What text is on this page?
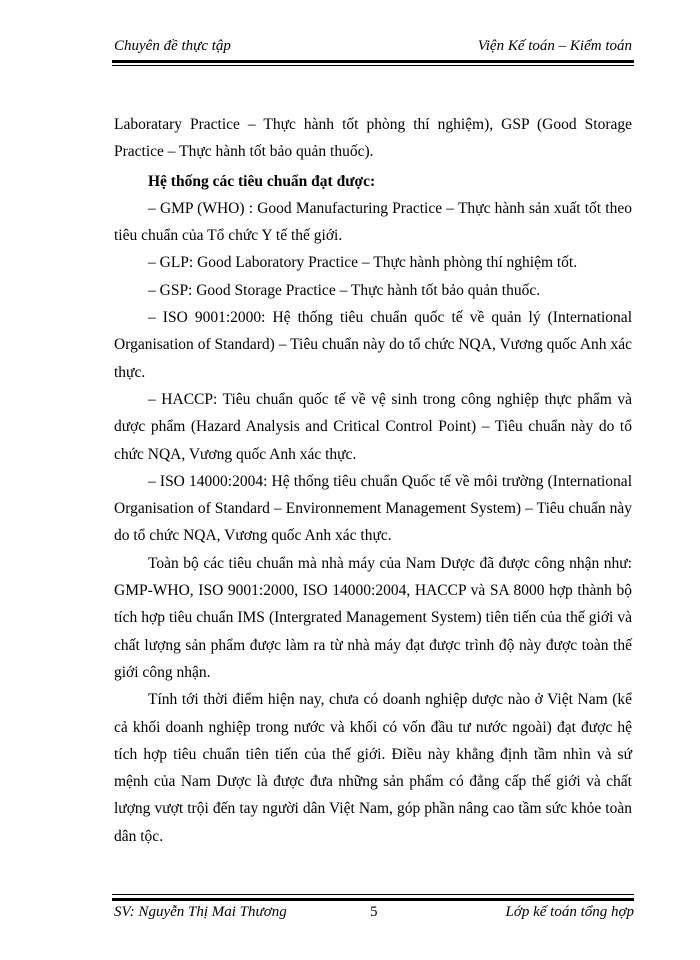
Chuyên đề thực tập	Viện Kế toán – Kiểm toán

Laboratary Practice – Thực hành tốt phòng thí nghiệm), GSP (Good Storage Practice – Thực hành tốt bảo quản thuốc).

Hệ thống các tiêu chuẩn đạt được:

– GMP (WHO) : Good Manufacturing Practice – Thực hành sản xuất tốt theo tiêu chuẩn của Tổ chức Y tế thế giới.

– GLP: Good Laboratory Practice – Thực hành phòng thí nghiệm tốt.

– GSP: Good Storage Practice – Thực hành tốt bảo quản thuốc.

– ISO 9001:2000: Hệ thống tiêu chuẩn quốc tế về quản lý (International Organisation of Standard) – Tiêu chuẩn này do tổ chức NQA, Vương quốc Anh xác thực.

– HACCP: Tiêu chuẩn quốc tế về vệ sinh trong công nghiệp thực phẩm và dược phẩm (Hazard Analysis and Critical Control Point) – Tiêu chuẩn này do tổ chức NQA, Vương quốc Anh xác thực.

– ISO 14000:2004: Hệ thống tiêu chuẩn Quốc tế về môi trường (International Organisation of Standard – Environnement Management System) – Tiêu chuẩn này do tổ chức NQA, Vương quốc Anh xác thực.

Toàn bộ các tiêu chuẩn mà nhà máy của Nam Dược đã được công nhận như: GMP-WHO, ISO 9001:2000, ISO 14000:2004, HACCP và SA 8000 hợp thành bộ tích hợp tiêu chuẩn IMS (Intergrated Management System) tiên tiến của thế giới và chất lượng sản phẩm được làm ra từ nhà máy đạt được trình độ này được toàn thế giới công nhận.

Tính tới thời điểm hiện nay, chưa có doanh nghiệp dược nào ở Việt Nam (kể cả khối doanh nghiệp trong nước và khối có vốn đầu tư nước ngoài) đạt được hệ tích hợp tiêu chuẩn tiên tiến của thế giới. Điều này khẳng định tầm nhìn và sứ mệnh của Nam Dược là được đưa những sản phẩm có đẳng cấp thế giới và chất lượng vượt trội đến tay người dân Việt Nam, góp phần nâng cao tầm sức khỏe toàn dân tộc.

SV: Nguyễn Thị Mai Thương	5	Lớp kế toán tổng hợp
